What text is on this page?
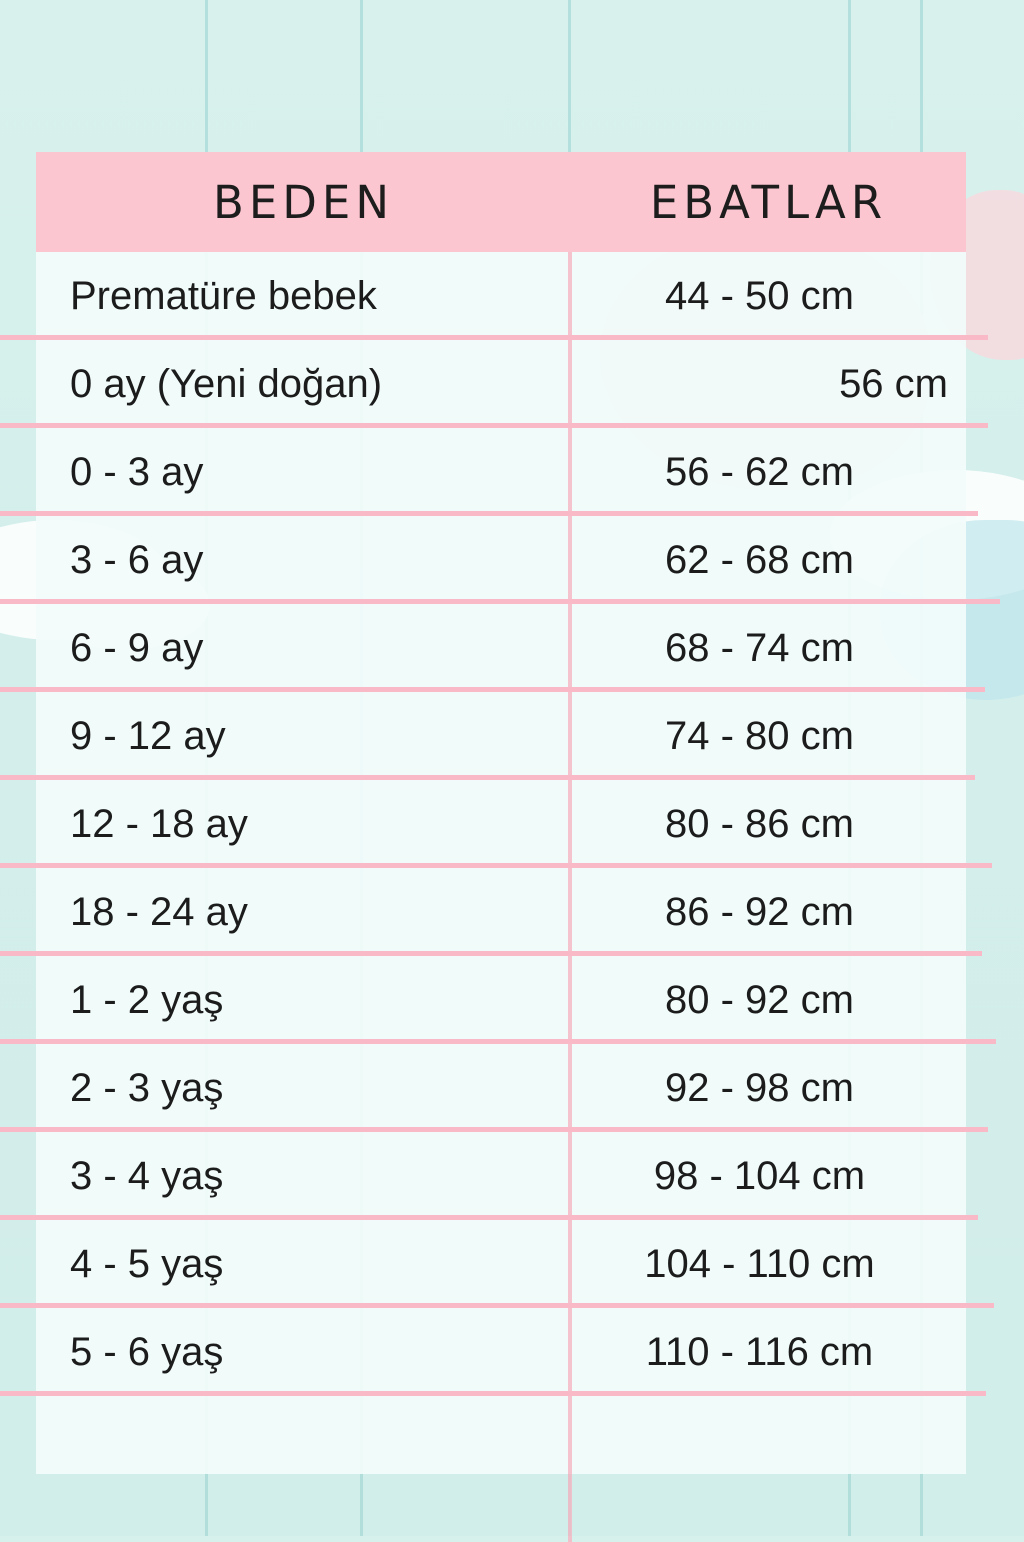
BEDEN	EBATLAR
Prematüre bebek	44 - 50 cm
0 ay (Yeni doğan)	56 cm
0 - 3 ay	56 - 62 cm
3 - 6 ay	62 - 68 cm
6 - 9 ay	68 - 74 cm
9 - 12 ay	74 - 80 cm
12 - 18 ay	80 - 86 cm
18 - 24 ay	86 - 92 cm
1 - 2 yaş	80 - 92 cm
2 - 3 yaş	92 - 98 cm
3 - 4 yaş	98 - 104 cm
4 - 5 yaş	104 - 110 cm
5 - 6 yaş	110 - 116 cm
